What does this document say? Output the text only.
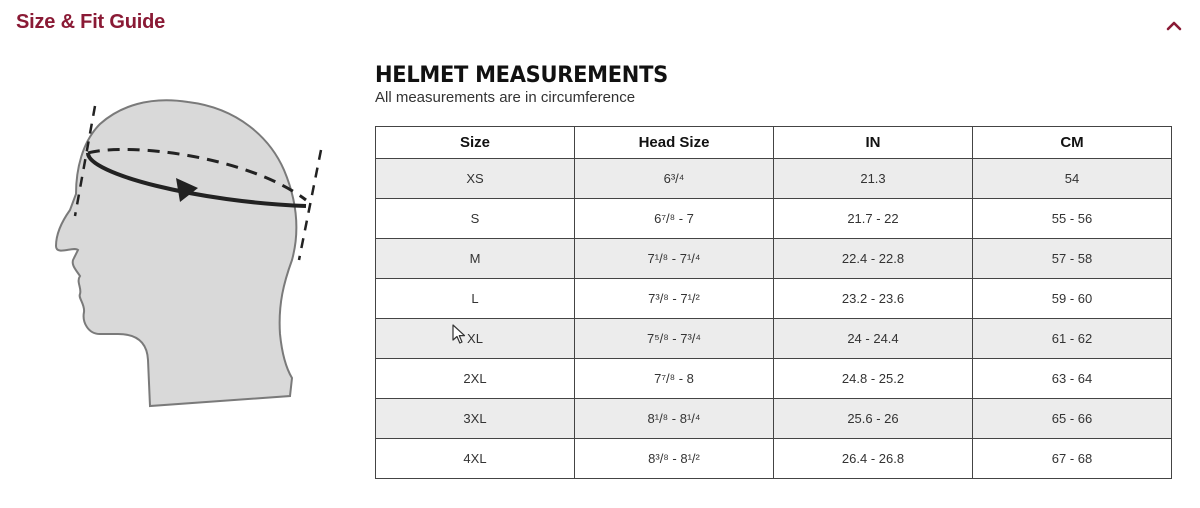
Size & Fit Guide
HELMET MEASUREMENTS
All measurements are in circumference
Size	Head Size	IN	CM
XS	6³/⁴	21.3	54
S	6⁷/⁸ - 7	21.7 - 22	55 - 56
M	7¹/⁸ - 7¹/⁴	22.4 - 22.8	57 - 58
L	7³/⁸ - 7¹/²	23.2 - 23.6	59 - 60
XL	7⁵/⁸ - 7³/⁴	24 - 24.4	61 - 62
2XL	7⁷/⁸ - 8	24.8 - 25.2	63 - 64
3XL	8¹/⁸ - 8¹/⁴	25.6 - 26	65 - 66
4XL	8³/⁸ - 8¹/²	26.4 - 26.8	67 - 68
